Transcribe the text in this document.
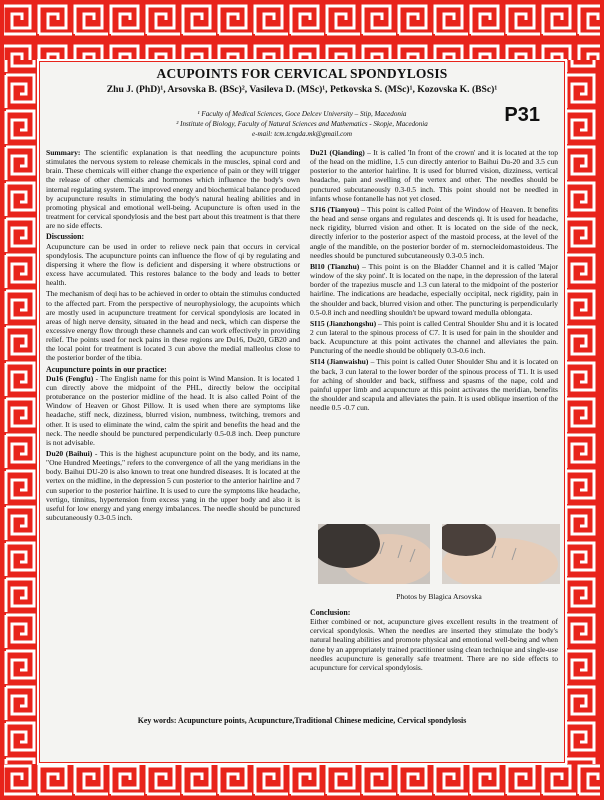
ACUPOINTS FOR CERVICAL SPONDYLOSIS
Zhu J. (PhD)¹, Arsovska B. (BSc)², Vasileva D. (MSc)¹, Petkovska S. (MSc)¹, Kozovska K. (BSc)¹
¹ Faculty of Medical Sciences, Goce Delcev University – Stip, Macedonia
² Institute of Biology, Faculty of Natural Sciences and Mathematics - Skopje, Macedonia
e-mail: tcm.tcngda.mk@gmail.com
P31

Summary: The scientific explanation is that needling the acupuncture points stimulates the nervous system to release chemicals in the muscles, spinal cord and brain. These chemicals will either change the experience of pain or they will trigger the release of other chemicals and hormones which influence the body's own internal regulating system. The improved energy and biochemical balance produced by acupuncture results in stimulating the body's natural healing abilities and in promoting physical and emotional well-being. Acupuncture is often used in the treatment for cervical spondylosis and the best part about this treatment is that there are no side effects.

Discussion:

Acupuncture can be used in order to relieve neck pain that occurs in cervical spondylosis. The acupuncture points can influence the flow of qi by regulating and dispersing it where the flow is deficient and dispersing it where obstructions or excess have accumulated. This restores balance to the body and leads to better health.

The mechanism of deqi has to be achieved in order to obtain the stimulus conducted to the affected part. From the perspective of neurophysiology, the acupoints which are mostly used in acupuncture treatment for cervical spondylosis are located in areas of high nerve density, situated in the head and neck, which can disperse the excessive energy flow through these channels and can work effectively in providing relief. The points used for neck pains in these regions are Du16, Du20, GB20 and the local point for treatment is located 3 cun above the medial malleolus close to the posterior border of the tibia.

Acupuncture points in our practice:

Du16 (Fengfu) - The English name for this point is Wind Mansion. It is located 1 cun directly above the midpoint of the PHL, directly below the occipital protuberance on the posterior midline of the head. It is also called Point of the Window of Heaven or Ghost Pillow. It is used when there are symptoms like headache, stiff neck, dizziness, blurred vision, numbness, twitching, tremors and other. It is used to eliminate the wind, calm the spirit and benefits the head and the neck. The needle should be punctured perpendicularly 0.5-0.8 inch. Deep puncture is not advisable.

Du20 (Baihui) - This is the highest acupuncture point on the body, and its name, "One Hundred Meetings," refers to the convergence of all the yang meridians in the body. Baihui DU-20 is also known to treat one hundred diseases. It is located at the vertex on the midline, in the depression 5 cun posterior to the anterior hairline and 7 cun superior to the posterior hairline. It is used to cure the symptoms like headache, vertigo, tinnitus, hypertension from excess yang in the upper body and also it is useful for low energy and yang energy imbalances. The needle should be punctured subcutaneously 0.3-0.5 inch.

Du21 (Qianding) – It is called 'In front of the crown' and it is located at the top of the head on the midline, 1.5 cun directly anterior to Baihui Du-20 and 3.5 cun posterior to the anterior hairline. It is used for blurred vision, dizziness, vertical headache, pain and swelling of the vertex and other. The needles should be punctured subcutaneously 0.3-0.5 inch. This point should not be needled in infants whose fontanelle has not yet closed.

SJ16 (Tianyou) – This point is called Point of the Window of Heaven. It benefits the head and sense organs and regulates and descends qi. It is used for headache, neck rigidity, blurred vision and other. It is located on the side of the neck, directly inferior to the posterior aspect of the mastoid process, at the level of the angle of the mandible, on the posterior border of m. sternocleidomastoideus. The needles should be punctured subcutaneously 0.3-0.5 inch.

Bl10 (Tianzhu) – This point is on the Bladder Channel and it is called 'Major window of the sky point'. It is located on the nape, in the depression of the lateral border of the trapezius muscle and 1.3 cun lateral to the midpoint of the posterior hairline. The indications are headache, especially occipital, neck rigidity, pain in the shoulder and back, blurred vision and other. The puncturing is perpendicularly 0.5-0.8 inch and needling shouldn't be upward toward medulla oblongata.

SI15 (Jianzhongshu) – This point is called Central Shoulder Shu and it is located 2 cun lateral to the spinous process of C7. It is used for pain in the shoulder and back. Acupuncture at this point activates the channel and alleviates the pain. Puncturing of the needle should be obliquely 0.3-0.6 inch.

SI14 (Jianwaishu) – This point is called Outer Shoulder Shu and it is located on the back, 3 cun lateral to the lower border of the spinous process of T1. It is used for aching of shoulder and back, stiffness and spasms of the nape, cold and painful upper limb and acupuncture at this point activates the meridian, benefits the shoulder and scapula and alleviates the pain. It is used oblique insertion of the needle 0.5 -0.7 cun.

Photos by Blagica Arsovska
Conclusion:

Either combined or not, acupuncture gives excellent results in the treatment of cervical spondylosis. When the needles are inserted they stimulate the body's natural healing abilities and promote physical and emotional well-being and when done by an appropriately trained practitioner using clean technique and single-use needles acupuncture is generally safe treatment. There are no side effects to acupuncture for cervical spondylosis.

Key words: Acupuncture points, Acupuncture,Traditional Chinese medicine, Cervical spondylosis
